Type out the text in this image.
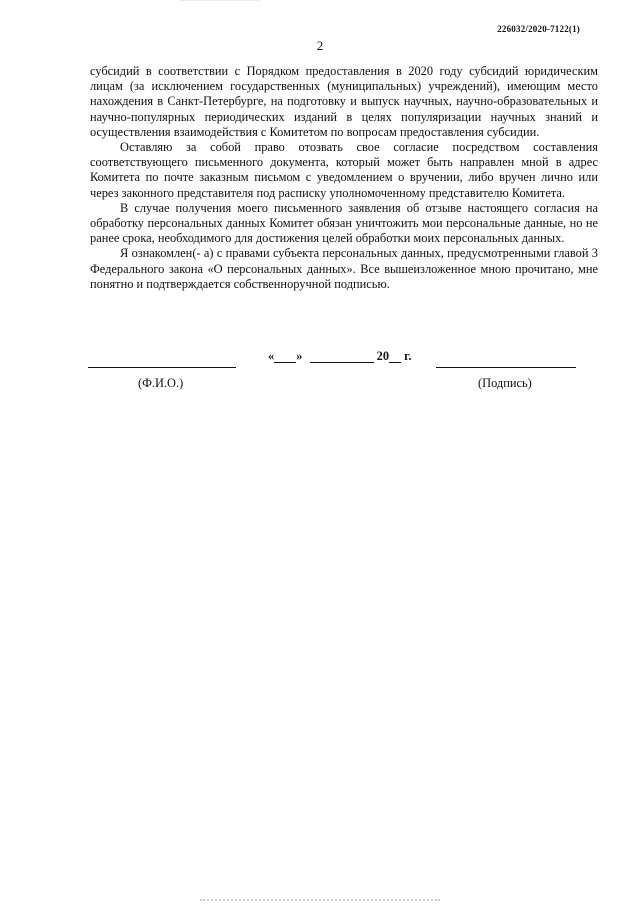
226032/2020-7122(1)
2

субсидий в соответствии с Порядком предоставления в 2020 году субсидий юридическим лицам (за исключением государственных (муниципальных) учреждений), имеющим место нахождения в Санкт-Петербурге, на подготовку и выпуск научных, научно-образовательных и научно-популярных периодических изданий в целях популяризации научных знаний и осуществления взаимодействия с Комитетом по вопросам предоставления субсидии.

Оставляю за собой право отозвать свое согласие посредством составления соответствующего письменного документа, который может быть направлен мной в адрес Комитета по почте заказным письмом с уведомлением о вручении, либо вручен лично или через законного представителя под расписку уполномоченному представителю Комитета.

В случае получения моего письменного заявления об отзыве настоящего согласия на обработку персональных данных Комитет обязан уничтожить мои персональные данные, но не ранее срока, необходимого для достижения целей обработки моих персональных данных.

Я ознакомлен(- а) с правами субъекта персональных данных, предусмотренными главой 3 Федерального закона «О персональных данных». Все вышеизложенное мною прочитано, мне понятно и подтверждается собственноручной подписью.

« »	20  г.
(Ф.И.О.)	(Подпись)
